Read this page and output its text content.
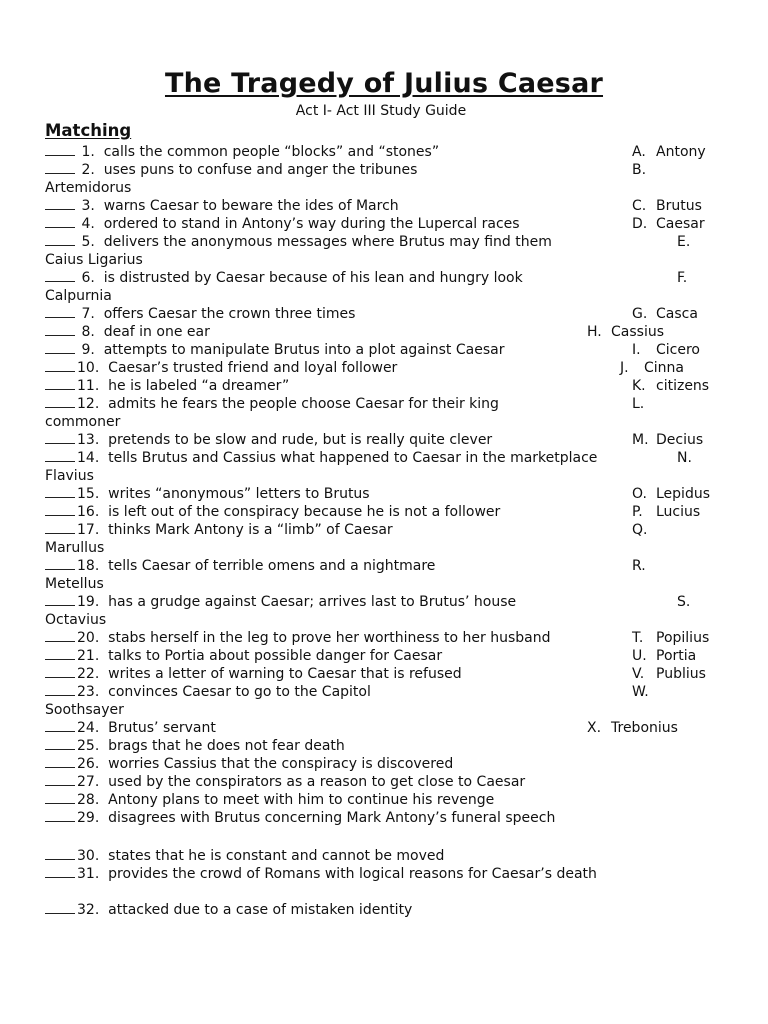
The Tragedy of Julius Caesar
Act I- Act III Study Guide
Matching
1.  calls the common people “blocks” and “stones”
2.  uses puns to confuse and anger the tribunes
3.  warns Caesar to beware the ides of March
4.  ordered to stand in Antony’s way during the Lupercal races
5.  delivers the anonymous messages where Brutus may find them
6.  is distrusted by Caesar because of his lean and hungry look
7.  offers Caesar the crown three times
8.  deaf in one ear
9.  attempts to manipulate Brutus into a plot against Caesar
10.  Caesar’s trusted friend and loyal follower
11.  he is labeled “a dreamer”
12.  admits he fears the people choose Caesar for their king
13.  pretends to be slow and rude, but is really quite clever
14.  tells Brutus and Cassius what happened to Caesar in the marketplace
15.  writes “anonymous” letters to Brutus
16.  is left out of the conspiracy because he is not a follower
17.  thinks Mark Antony is a “limb” of Caesar
18.  tells Caesar of terrible omens and a nightmare
19.  has a grudge against Caesar; arrives last to Brutus’ house
20.  stabs herself in the leg to prove her worthiness to her husband
21.  talks to Portia about possible danger for Caesar
22.  writes a letter of warning to Caesar that is refused
23.  convinces Caesar to go to the Capitol
24.  Brutus’ servant
25.  brags that he does not fear death
26.  worries Cassius that the conspiracy is discovered
27.  used by the conspirators as a reason to get close to Caesar
28.  Antony plans to meet with him to continue his revenge
29.  disagrees with Brutus concerning Mark Antony’s funeral speech
30.  states that he is constant and cannot be moved
31.  provides the crowd of Romans with logical reasons for Caesar’s death
32.  attacked due to a case of mistaken identity
A. Antony
B.
Artemidorus
C. Brutus
D. Caesar
E.
Caius Ligarius
F.
Calpurnia
G. Casca
H. Cassius
I. Cicero
J. Cinna
K. citizens
L.
commoner
M. Decius
N.
Flavius
O. Lepidus
P. Lucius
Q.
Marullus
R.
Metellus
S.
Octavius
T. Popilius
U. Portia
V. Publius
W.
Soothsayer
X. Trebonius
